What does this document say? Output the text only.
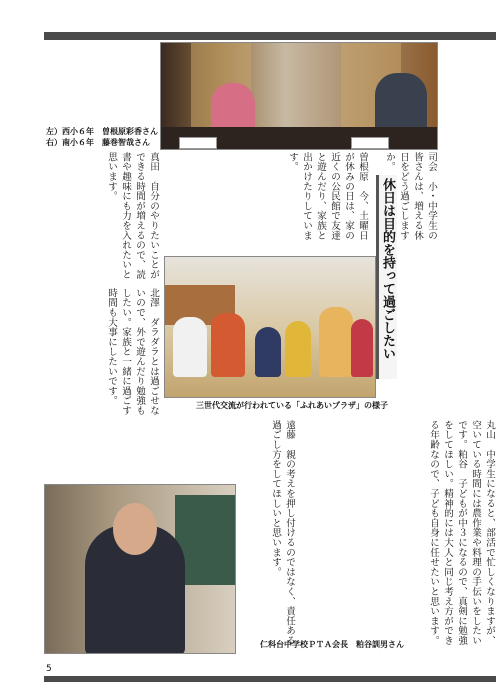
左）西小６年　曽根原彩香さん
右）南小６年　藤巻智哉さん
司会　小・中学生の皆さんは、増える休日をどう過ごしますか。
曽根原　今、土曜日が休みの日は、家の近くの公民館で友達と遊んだり、家族と出かけたりしています。
真田　自分のやりたいことができる時間が増えるので、読書や趣味にも力を入れたいと思います。
北澤　ダラダラとは過ごせないので、外で遊んだり勉強もしたい。家族と一緒に過ごす時間も大事にしたいです。	休日は目的を持って過ごしたい
三世代交流が行われている「ふれあいプラザ」の様子
丸山　中学生になると、部活で忙しくなりますが、空いている時間には農作業や料理の手伝いをしたいです。粕谷　子どもが中３になるので、真剣に勉強をしてほしい。精神的には大人と同じ考え方ができる年齢なので、子ども自身に任せたいと思います。
遠藤　親の考えを押し付けるのではなく、責任ある過ごし方をしてほしいと思います。
仁科台中学校ＰＴＡ会長　粕谷訓男さん
5
